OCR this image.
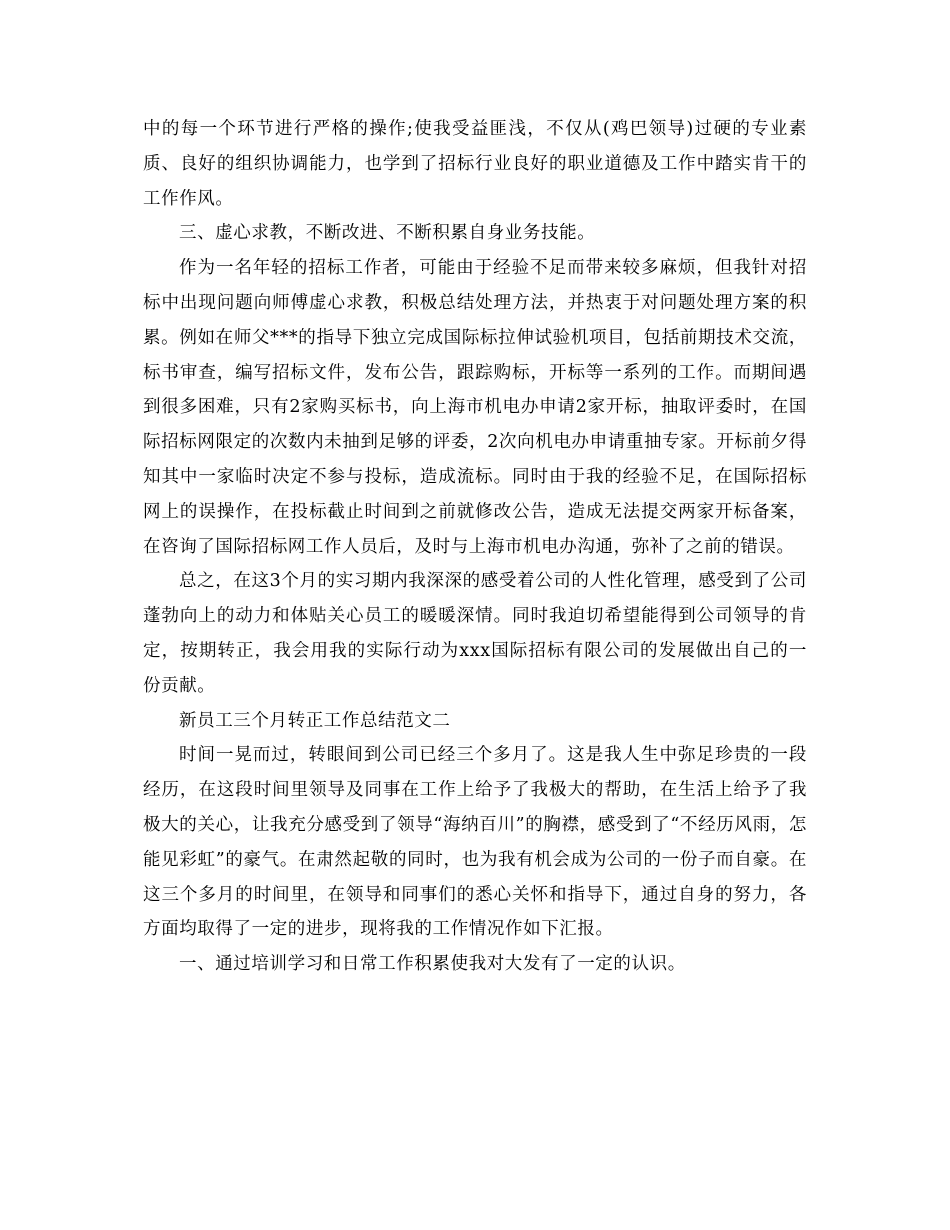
中的每一个环节进行严格的操作;使我受益匪浅，不仅从(鸡巴领导)过硬的专业素质、良好的组织协调能力，也学到了招标行业良好的职业道德及工作中踏实肯干的工作作风。

三、虚心求教，不断改进、不断积累自身业务技能。

作为一名年轻的招标工作者，可能由于经验不足而带来较多麻烦，但我针对招标中出现问题向师傅虚心求教，积极总结处理方法，并热衷于对问题处理方案的积累。例如在师父***的指导下独立完成国际标拉伸试验机项目，包括前期技术交流，标书审查，编写招标文件，发布公告，跟踪购标，开标等一系列的工作。而期间遇到很多困难，只有2家购买标书，向上海市机电办申请2家开标，抽取评委时，在国际招标网限定的次数内未抽到足够的评委，2次向机电办申请重抽专家。开标前夕得知其中一家临时决定不参与投标，造成流标。同时由于我的经验不足，在国际招标网上的误操作，在投标截止时间到之前就修改公告，造成无法提交两家开标备案，在咨询了国际招标网工作人员后，及时与上海市机电办沟通，弥补了之前的错误。

总之，在这3个月的实习期内我深深的感受着公司的人性化管理，感受到了公司蓬勃向上的动力和体贴关心员工的暖暖深情。同时我迫切希望能得到公司领导的肯定，按期转正，我会用我的实际行动为xxx国际招标有限公司的发展做出自己的一份贡献。

新员工三个月转正工作总结范文二

时间一晃而过，转眼间到公司已经三个多月了。这是我人生中弥足珍贵的一段经历，在这段时间里领导及同事在工作上给予了我极大的帮助，在生活上给予了我极大的关心，让我充分感受到了领导“海纳百川”的胸襟，感受到了“不经历风雨，怎能见彩虹”的豪气。在肃然起敬的同时，也为我有机会成为公司的一份子而自豪。在这三个多月的时间里，在领导和同事们的悉心关怀和指导下，通过自身的努力，各方面均取得了一定的进步，现将我的工作情况作如下汇报。

一、通过培训学习和日常工作积累使我对大发有了一定的认识。
